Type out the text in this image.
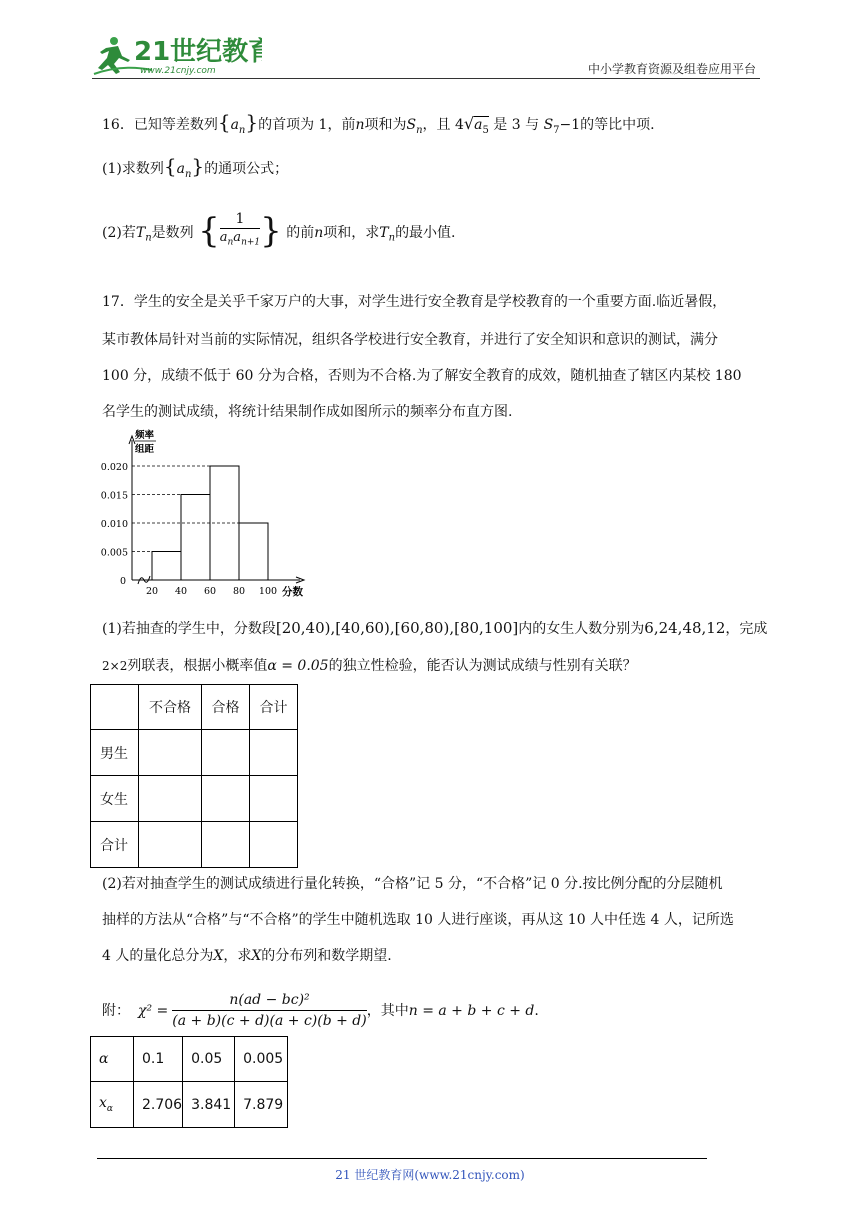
21世纪教育
www.21cnjy.com	中小学教育资源及组卷应用平台
16．已知等差数列$\{a_n\}$的首项为 1，前n项和为$S_n$，且 $4√a_5$ 是 3 与 $S_7-1$的等比中项.
(1)求数列$\{a_n\}$的通项公式；
(2)若$T_n$是数列 {	1
$a_na_{n+1}$ } 的前n项和，求$T_n$的最小值.
17．学生的安全是关乎千家万户的大事，对学生进行安全教育是学校教育的一个重要方面.临近暑假，
某市教体局针对当前的实际情况，组织各学校进行安全教育，并进行了安全知识和意识的测试，满分
100 分，成绩不低于 60 分为合格，否则为不合格.为了解安全教育的成效，随机抽查了辖区内某校 180
名学生的测试成绩，将统计结果制作成如图所示的频率分布直方图.
0.005
0.010
0.015
0.020
0
20 40 60 80 100 分数
频率
组距
(1)若抽查的学生中，分数段[20,40),[40,60),[60,80),[80,100]内的女生人数分别为6,24,48,12，完成
2×2列联表，根据小概率值α = 0.05的独立性检验，能否认为测试成绩与性别有关联？
	不合格	合格	合计
男生			
女生			
合计			
(2)若对抽查学生的测试成绩进行量化转换，“合格”记 5 分，“不合格”记 0 分.按比例分配的分层随机
抽样的方法从“合格”与“不合格”的学生中随机选取 10 人进行座谈，再从这 10 人中任选 4 人，记所选
4 人的量化总分为X，求X的分布列和数学期望.
附： $\chi^2 = \frac{\text{n(ad − bc)²}}{(a + b)(c + d)(a + c)(b + d)}$ ，其中 n = a + b + c + d .
α	0.1	0.05	0.005
$x_\alpha$	2.706	3.841	7.879
21 世纪教育网(www.21cnjy.com)
